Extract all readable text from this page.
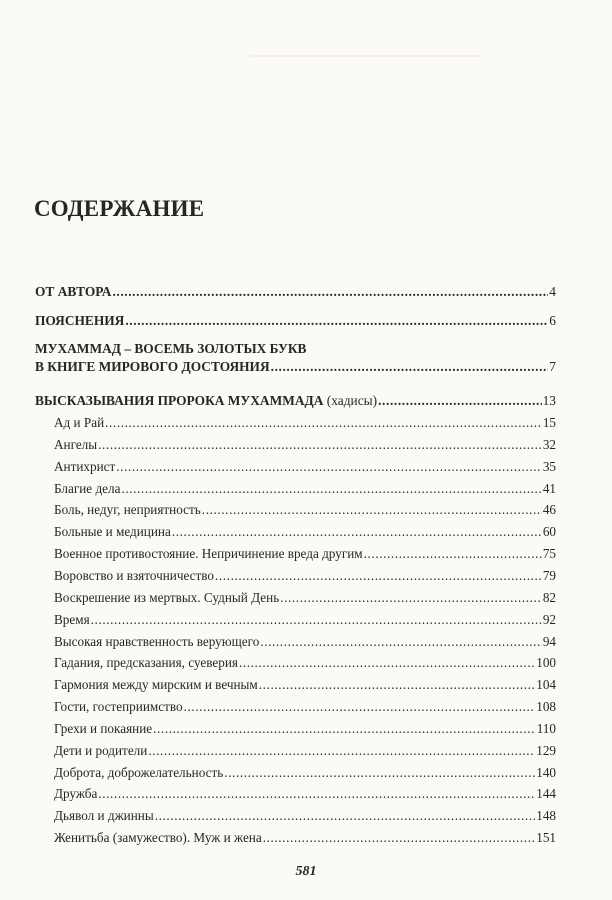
СОДЕРЖАНИЕ
ОТ АВТОРА .....	4
ПОЯСНЕНИЯ .....	6
МУХАММАД – ВОСЕМЬ ЗОЛОТЫХ БУКВ
В КНИГЕ МИРОВОГО ДОСТОЯНИЯ .....	7
ВЫСКАЗЫВАНИЯ ПРОРОКА МУХАММАДА (хадисы) .....	13
Ад и Рай .....	15
Ангелы .....	32
Антихрист .....	35
Благие дела .....	41
Боль, недуг, неприятность .....	46
Больные и медицина .....	60
Военное противостояние. Непричинение вреда другим .....	75
Воровство и взяточничество .....	79
Воскрешение из мертвых. Судный День .....	82
Время .....	92
Высокая нравственность верующего .....	94
Гадания, предсказания, суеверия .....	100
Гармония между мирским и вечным .....	104
Гости, гостеприимство .....	108
Грехи и покаяние .....	110
Дети и родители .....	129
Доброта, доброжелательность .....	140
Дружба .....	144
Дьявол и джинны .....	148
Женитьба (замужество). Муж и жена .....	151
581
